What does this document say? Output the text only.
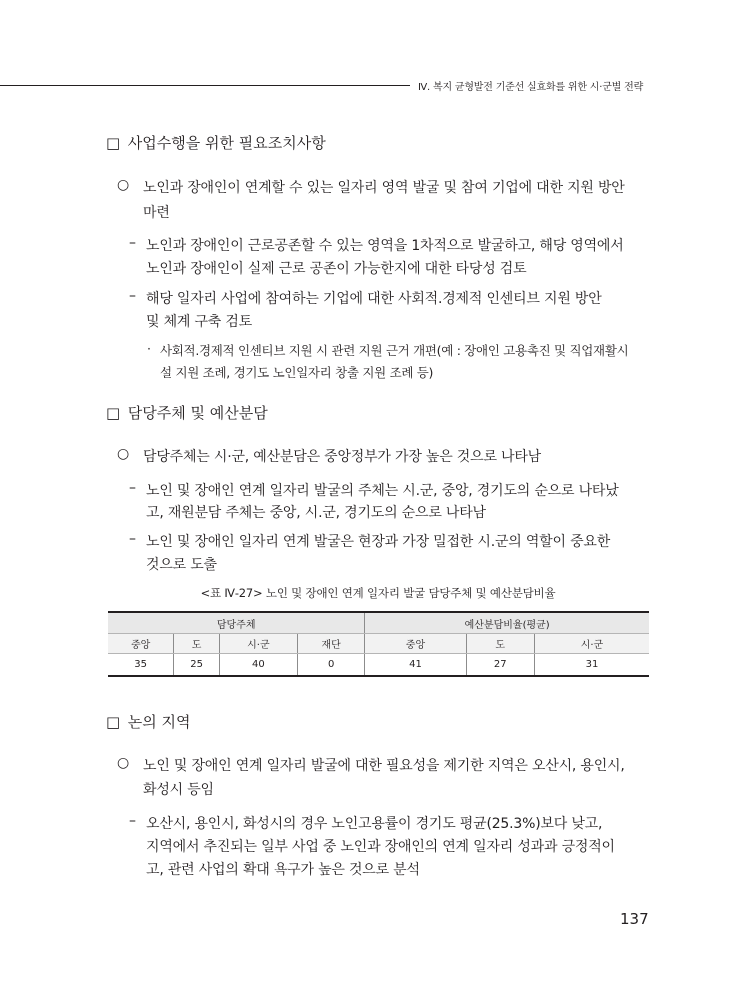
Ⅳ. 복지 균형발전 기준선 실효화를 위한 시·군별 전략
□ 사업수행을 위한 필요조치사항
○ 노인과 장애인이 연계할 수 있는 일자리 영역 발굴 및 참여 기업에 대한 지원 방안
마련
– 노인과 장애인이 근로공존할 수 있는 영역을 1차적으로 발굴하고, 해당 영역에서
노인과 장애인이 실제 근로 공존이 가능한지에 대한 타당성 검토
– 해당 일자리 사업에 참여하는 기업에 대한 사회적.경제적 인센티브 지원 방안
및 체계 구축 검토
· 사회적.경제적 인센티브 지원 시 관련 지원 근거 개편(예 : 장애인 고용촉진 및 직업재활시
설 지원 조례, 경기도 노인일자리 창출 지원 조례 등)
□ 담당주체 및 예산분담
○ 담당주체는 시·군, 예산분담은 중앙정부가 가장 높은 것으로 나타남
– 노인 및 장애인 연계 일자리 발굴의 주체는 시.군, 중앙, 경기도의 순으로 나타났
고, 재원분담 주체는 중앙, 시.군, 경기도의 순으로 나타남
– 노인 및 장애인 일자리 연계 발굴은 현장과 가장 밀접한 시.군의 역할이 중요한
것으로 도출
<표 Ⅳ-27> 노인 및 장애인 연계 일자리 발굴 담당주체 및 예산분담비율
담당주체				예산분담비율(평균)		
중앙	도	시·군	재단	중앙	도	시·군
35	25	40	0	41	27	31
□ 논의 지역
○ 노인 및 장애인 연계 일자리 발굴에 대한 필요성을 제기한 지역은 오산시, 용인시,
화성시 등임
– 오산시, 용인시, 화성시의 경우 노인고용률이 경기도 평균(25.3%)보다 낮고,
지역에서 추진되는 일부 사업 중 노인과 장애인의 연계 일자리 성과과 긍정적이
고, 관련 사업의 확대 욕구가 높은 것으로 분석
137
